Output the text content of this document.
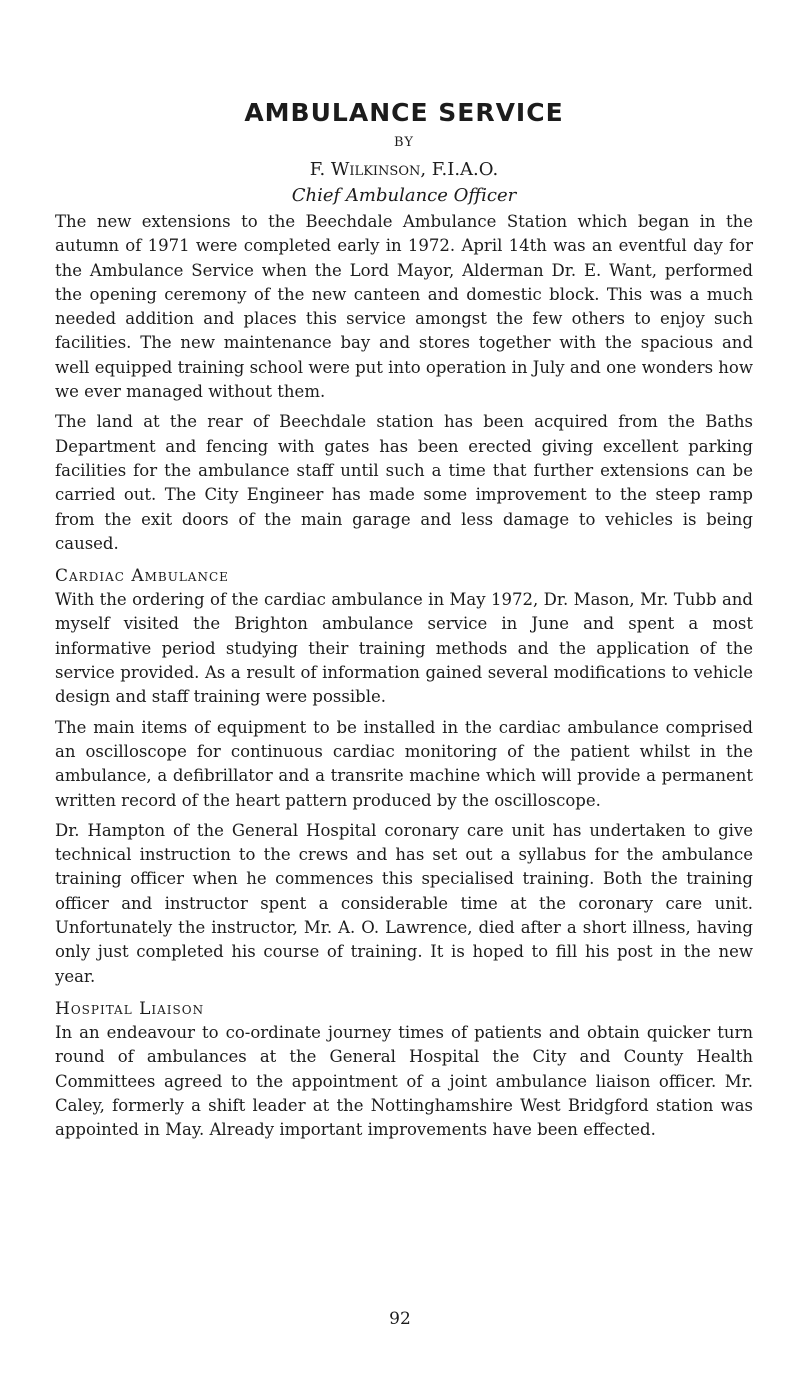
AMBULANCE SERVICE
BY
F. Wilkinson, F.I.A.O.
Chief Ambulance Officer

The new extensions to the Beechdale Ambulance Station which began in the autumn of 1971 were completed early in 1972. April 14th was an eventful day for the Ambulance Service when the Lord Mayor, Alderman Dr. E. Want, performed the opening ceremony of the new canteen and domestic block. This was a much needed addition and places this service amongst the few others to enjoy such facilities. The new maintenance bay and stores together with the spacious and well equipped training school were put into operation in July and one wonders how we ever managed without them.

The land at the rear of Beechdale station has been acquired from the Baths Department and fencing with gates has been erected giving excellent parking facilities for the ambulance staff until such a time that further extensions can be carried out. The City Engineer has made some improvement to the steep ramp from the exit doors of the main garage and less damage to vehicles is being caused.

Cardiac Ambulance

With the ordering of the cardiac ambulance in May 1972, Dr. Mason, Mr. Tubb and myself visited the Brighton ambulance service in June and spent a most informative period studying their training methods and the application of the service provided. As a result of information gained several modifications to vehicle design and staff training were possible.

The main items of equipment to be installed in the cardiac ambulance comprised an oscilloscope for continuous cardiac monitoring of the patient whilst in the ambulance, a defibrillator and a transrite machine which will provide a permanent written record of the heart pattern produced by the oscilloscope.

Dr. Hampton of the General Hospital coronary care unit has undertaken to give technical instruction to the crews and has set out a syllabus for the ambulance training officer when he commences this specialised training. Both the training officer and instructor spent a considerable time at the coronary care unit. Unfortunately the instructor, Mr. A. O. Lawrence, died after a short illness, having only just completed his course of training. It is hoped to fill his post in the new year.

Hospital Liaison

In an endeavour to co-ordinate journey times of patients and obtain quicker turn round of ambulances at the General Hospital the City and County Health Committees agreed to the appointment of a joint ambulance liaison officer. Mr. Caley, formerly a shift leader at the Nottinghamshire West Bridgford station was appointed in May. Already important improvements have been effected.

92
